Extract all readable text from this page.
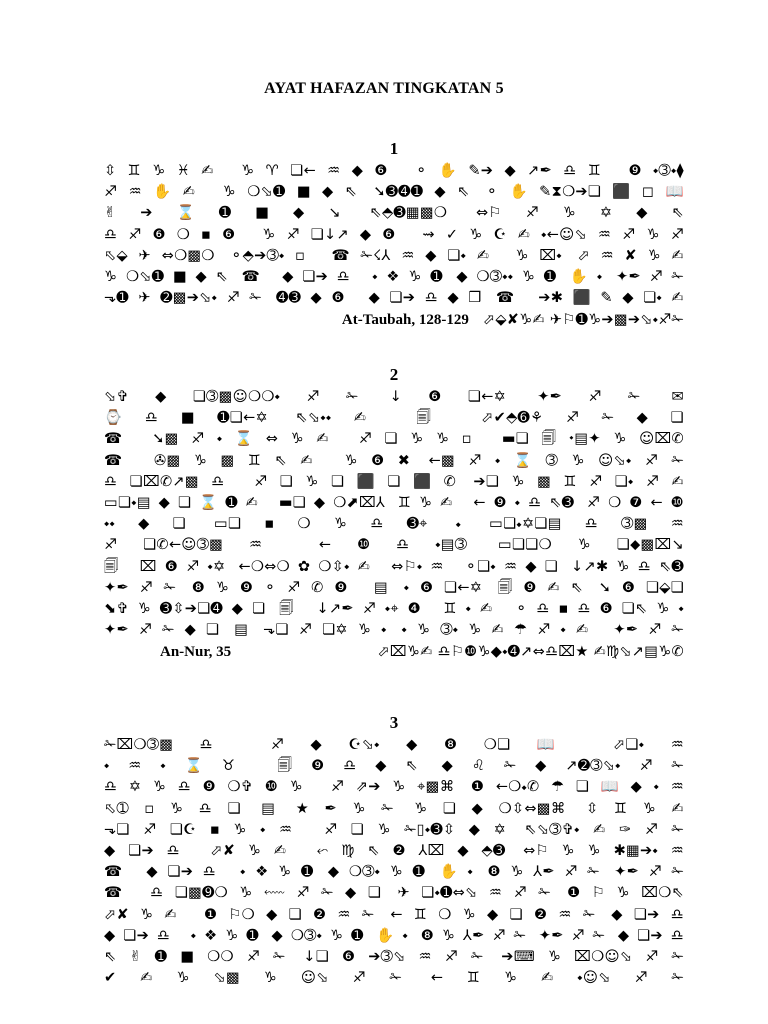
AYAT HAFAZAN TINGKATAN 5
1
⇳♊♑♓✍ ♑♈❏←♒◆❻ ⚬✋✎➔◆↗✒♎♊ ❾⬩➂⬩⧫
♐♒✋✍ ♑❍⬂➊■◆⇖ ➘➌➍➊◆⇖ ⚬✋✎⧗❍➔❏⬛◻📖
✌➔⌛➊■◆↘ ⇖⬘➌▦▩❍ ⇔⚐♐♑✡◆⇖
♎♐❻❍▪❻ ♑♐❏↓↗◆❻ ⇝✓♑☪✍⬩←☺⬂♒♐♑♐
⬁⬙✈⇔❍▩❍ ⚬⬘➔➂⬩▫ ☎✁☇⅄♒◆❏⬩✍ ♑⌧⬩ ⬀♒✘♑✍
♑❍⬂➊■◆⇖ ☎ ◆❏➔♎ ⬩❖♑➊ ◆❍➂⬩⬩♑➊ ✋⬩ ✦✒♐✁
⬎➊✈➋▩➔⬂⬩♐✁ ➍➌◆❻ ◆❏➔♎◆❒ ☎ ➔✱⬛✎◆❏⬩✍
At-Taubah, 128-129 ⬀⬙✘♑✍ ✈⚐➊♑➔▩➔⬂⬩♐✁
2
⬂✞◆❏➂▩☺❍❍⬩♐✁ ↓❻❏←✡ ✦✒♐✁ ✉
⌚♎■➊❏←✡ ⇖⬂⬩⬩✍ 🗐 ⬀✔⬘➏⚘♐✁◆❏
☎ ➘▩♐⬩⌛⇔♑✍ ♐❏♑♑▫ ▬❏🗐⬩▤✦♑☺⌧✆
☎ ✇▩♑▩♊⇖✍ ♑❻✖ ←▩♐⬩⌛➂♑☺⬂⬩♐✁
♎❏⌧✆↗▩♎ ♐❏♑❏⬛❏⬛✆ ➔❏♑▩♊♐❏⬩♐✍
▭❏⬩▤◆❏⌛➊✍ ▬❏◆❍⬈⌧⅄ ♊♑✍ ←❾⬩♎⇖➌ ♐❍❼←❿
⬩⬩◆❏ ▭❏▪❍♑♎➌⌖ ⬩ ▭❏⬩✡❏▤♎➂▩♒
♐❏✆←☺➂▩♒ ←❿♎⬩▤➂ ▭❏❏❍♑❏⬥▩⌧↘
🗐 ⌧❻♐⬩✡ ←❍⇔❍✿❍⇳⬩✍ ⇔⚐⬩♒ ⚬❏⬩♒◆❏ ↓↗✱♑♎⇖➌
✦✒♐✁ ❽♑❾⚬♐✆❾ ▤ ⬩❻❏←✡ 🗐❾✍⇖ ➘❻❏⬙❏
⬊✞♑➌⇳➔❏➍◆❏ 🗐 ↓↗✒♐⬩⌖❹ ♊⬩✍ ⚬♎▪♎❻❏⇖♑⬩
✦✒♐✁◆❏ ▤ ⬎❏♐❏✡♑⬩ ⬩♑➂⬩♑✍☂♐⬩✍ ✦✒♐✁
An-Nur, 35	⬀⌧♑✍ ♎⚐❿♑◆⬩➍↗⇔♎⌧★ ✍♍⬂↗▤♑✆
3
✁⌧❍➂▩♎ ♐◆☪⬂⬩◆❽❍❏📖 ⬀❏⬩♒
⬩♒⬩⌛♉ 🗐❾♎◆⇖ ◆♌✁◆↗➋➂⬂⬩♐✁
♎✡♑♎❾❍✞❿♑ ♐⇗➔♑⌖▩⌘ ❶←❍⬩✆☂❏📖◆⬩♒
⬁➀▫♑♎❏ ▤ ★✒♑✁ ♑❏◆❍⇳⇔▩⌘ ⇳♊♑✍
⬎❏♐❏☪▪♑⬩♒ ♐❏♑✁▯⬩➌⇳◆✡ ⇖⬂➂✞⬩✍✑♐✁
◆❏➔♎ ⬀✘♑✍ ⬿♍⇖❷⅄⌧◆⬘➌ ⇔⚐♑♑✱▦➔⬩♒
☎ ◆❏➔♎ ⬩❖♑➊ ◆❍➂⬩♑➊ ✋⬩ ❽♑⅄✒♐✁ ✦✒♐✁
☎ ♎❏▩➒❍♑⬳♐✁◆❏ ✈❏⬩➊⇔⬂♒♐✁ ❶⚐♑⌧❍⇖
⬀✘♑✍ ❶⚐❍◆❏❷♒✁ ←♊❍♑◆❏❷♒✁ ◆❏➔♎
◆❏➔♎ ⬩❖♑➊ ◆❍➂⬩♑➊ ✋⬩ ❽♑⅄✒♐✁ ✦✒♐✁ ◆❏➔♎
⇖✌➊■❍❍♐✁ ↓❏❻➔➂⬂♒♐✁ ➔⌨♑⌧❍☺⬂♐✁
✔✍♑⬂▩♑☺⬂♐✁ ←♊♑✍⬩☺⬂♐✁
